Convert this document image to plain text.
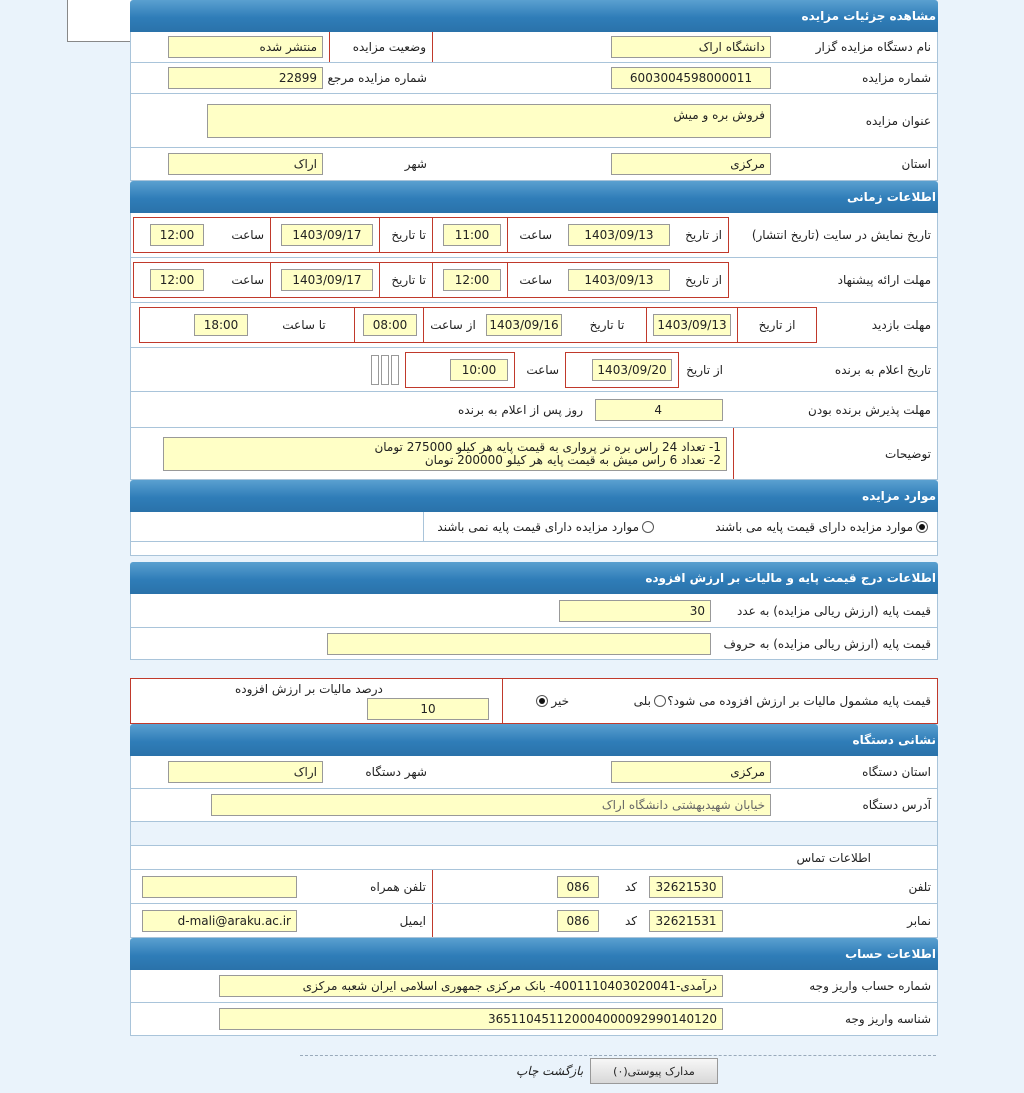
مشاهده جزئیات مزایده
نام دستگاه مزایده گزار
دانشگاه اراک
وضعیت مزایده
منتشر شده
شماره مزایده
6003004598000011
شماره مزایده مرجع
22899
عنوان مزایده
فروش بره و میش
استان
مرکزی
شهر
اراک
اطلاعات زمانی
تاریخ نمایش در سایت (تاریخ انتشار)
از تاریخ
1403/09/13
ساعت
11:00
تا تاریخ
1403/09/17
ساعت
12:00
مهلت ارائه پیشنهاد
از تاریخ
1403/09/13
ساعت
12:00
تا تاریخ
1403/09/17
ساعت
12:00
مهلت بازدید
از تاریخ
1403/09/13
تا تاریخ
1403/09/16
از ساعت
08:00
تا ساعت
18:00
تاریخ اعلام به برنده
از تاریخ
1403/09/20
ساعت
10:00
مهلت پذیرش برنده بودن
4
روز پس از اعلام به برنده
توضیحات
1- تعداد 24 راس بره نر پرواری به قیمت پایه هر کیلو 275000 تومان
2- تعداد 6 راس میش به قیمت پایه هر کیلو 200000 تومان
موارد مزایده
موارد مزایده دارای قیمت پایه می باشند
موارد مزایده دارای قیمت پایه نمی باشند
اطلاعات درج قیمت پایه و مالیات بر ارزش افزوده
قیمت پایه (ارزش ریالی مزایده) به عدد
30
قیمت پایه (ارزش ریالی مزایده) به حروف
قیمت پایه مشمول مالیات بر ارزش افزوده می شود؟
بلی
خیر
درصد مالیات بر ارزش افزوده
10
نشانی دستگاه
استان دستگاه
مرکزی
شهر دستگاه
اراک
آدرس دستگاه
خیابان شهیدبهشتی دانشگاه اراک
اطلاعات تماس
تلفن
32621530
کد
086
تلفن همراه
نمابر
32621531
کد
086
ایمیل
d-mali@araku.ac.ir
اطلاعات حساب
شماره حساب واریز وجه
درآمدی-4001110403020041- بانک مرکزی جمهوری اسلامی ایران شعبه مرکزی
شناسه واریز وجه
365110451120004000092990140120
مدارک پیوستی(۰)
بازگشت چاپ
